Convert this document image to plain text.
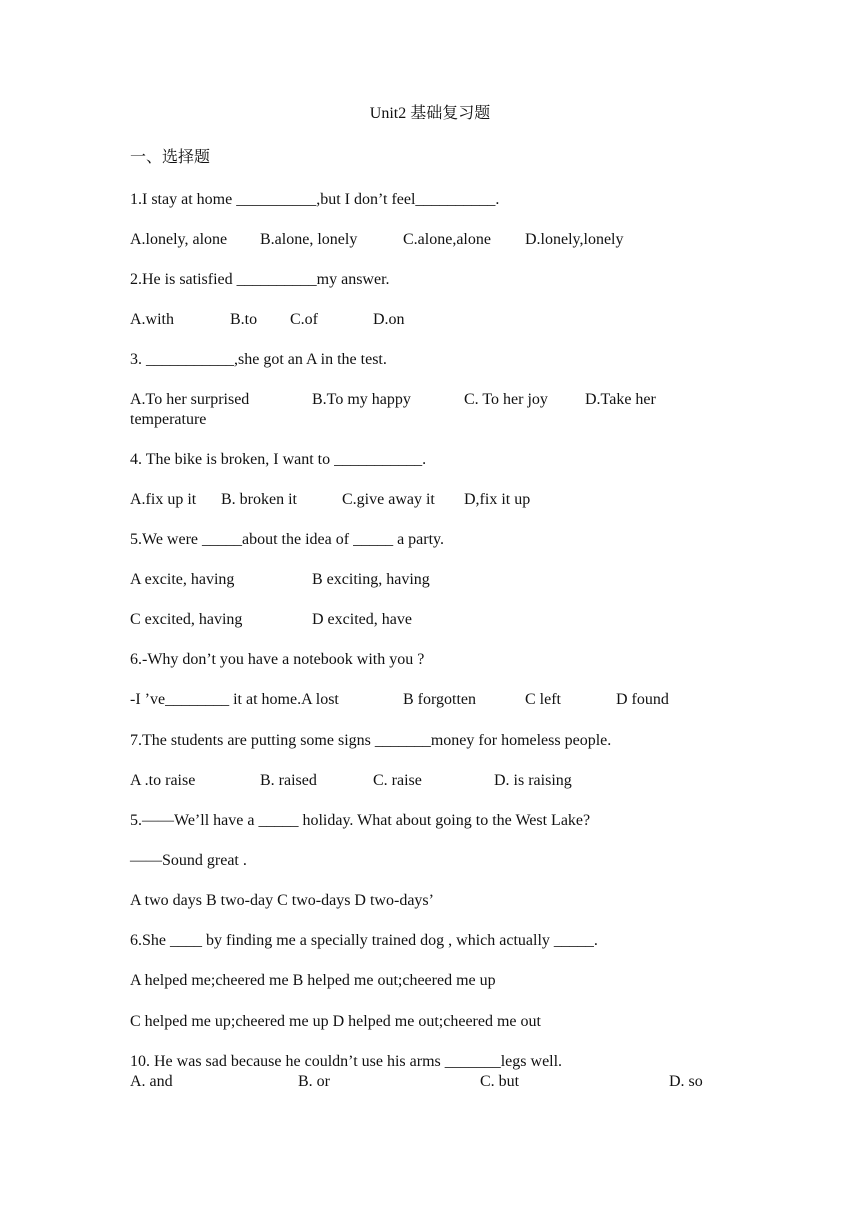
Unit2 基础复习题
一、选择题
1.I stay at home __________,but I don’t feel__________.
A.lonely, alone B.alone, lonely	C.alone,alone D.lonely,lonely
2.He is satisfied __________my answer.
A.with	B.to C.of	D.on
3. ___________,she got an A in the test.
A.To her surprised	B.To my happy	C. To her joy D.Take her
temperature
4. The bike is broken, I want to ___________.
A.fix up it B. broken it	C.give away it D,fix it up
5.We were _____about the idea of _____ a party.
A excite, having	B exciting, having
C excited, having	D excited, have
6.-Why don’t you have a notebook with you ?
-I ’ve________ it at home.A lost	B forgotten	C left	D found
7.The students are putting some signs _______money for homeless people.
A .to raise	B. raised	C. raise	D. is raising
5.——We’ll have a _____ holiday. What about going to the West Lake?
——Sound great .
A two days B two-day C two-days D two-days’
6.She ____ by finding me a specially trained dog , which actually _____.
A helped me;cheered me B helped me out;cheered me up
C helped me up;cheered me up D helped me out;cheered me out
10. He was sad because he couldn’t use his arms _______legs well.
A. and	B. or	C. but	D. so
